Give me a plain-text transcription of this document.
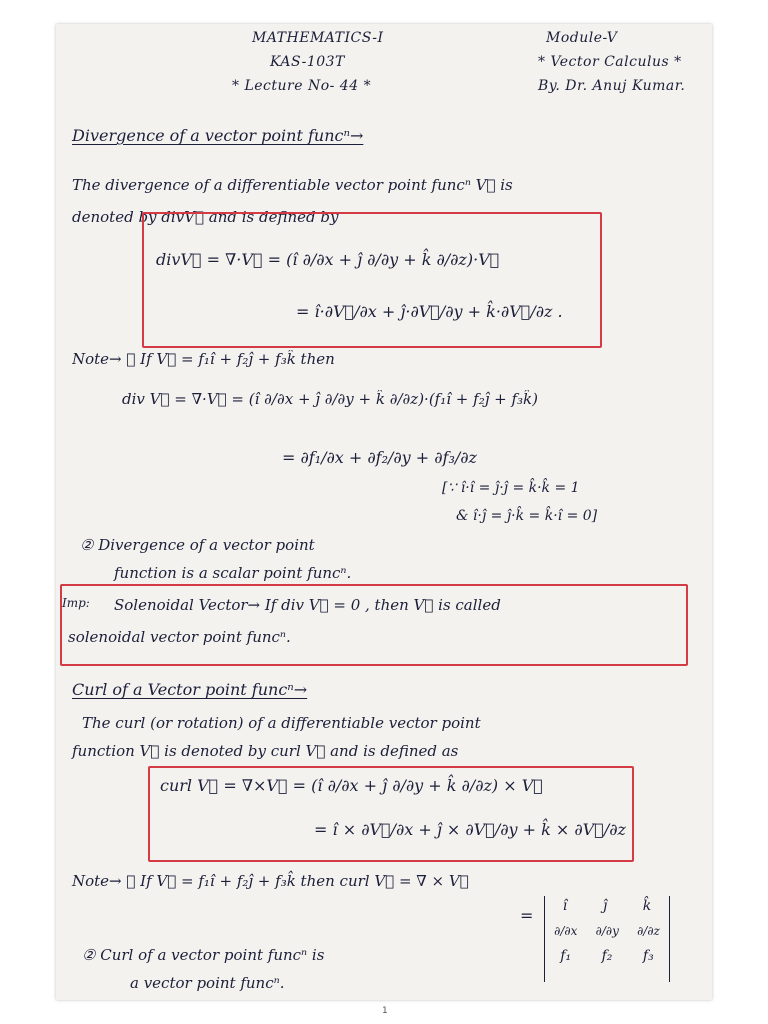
MATHEMATICS-I
KAS-103T
* Lecture No- 44 *
Module-V
* Vector Calculus *
By. Dr. Anuj Kumar.
Divergence of a vector point funcⁿ→
The divergence of a differentiable vector point funcⁿ V⃗ is
denoted by divV⃗ and is defined by
divV⃗ = ∇·V⃗ = (î ∂/∂x + ĵ ∂/∂y + k̂ ∂/∂z)·V⃗
= î·∂V⃗/∂x + ĵ·∂V⃗/∂y + k̂·∂V⃗/∂z .
Note→ ① If V⃗ = f₁î + f₂ĵ + f₃k̂ then
div V⃗ = ∇·V⃗ = (î ∂/∂x + ĵ ∂/∂y + k̂ ∂/∂z)·(f₁î + f₂ĵ + f₃k̂)
= ∂f₁/∂x + ∂f₂/∂y + ∂f₃/∂z
[∵ î·î = ĵ·ĵ = k̂·k̂ = 1
& î·ĵ = ĵ·k̂ = k̂·î = 0]
② Divergence of a vector point
function is a scalar point funcⁿ.
Imp: Solenoidal Vector→ If div V⃗ = 0 , then V⃗ is called
solenoidal vector point funcⁿ.
Curl of a Vector point funcⁿ→
The curl (or rotation) of a differentiable vector point
function V⃗ is denoted by curl V⃗ and is defined as
curl V⃗ = ∇×V⃗ = (î ∂/∂x + ĵ ∂/∂y + k̂ ∂/∂z) × V⃗
= î × ∂V⃗/∂x + ĵ × ∂V⃗/∂y + k̂ × ∂V⃗/∂z
Note→ ① If V⃗ = f₁î + f₂ĵ + f₃k̂ then curl V⃗ = ∇ × V⃗
= î	ĵ	k̂
∂/∂x ∂/∂y ∂/∂z
f₁ f₂ f₃
② Curl of a vector point funcⁿ is
a vector point funcⁿ.
1
